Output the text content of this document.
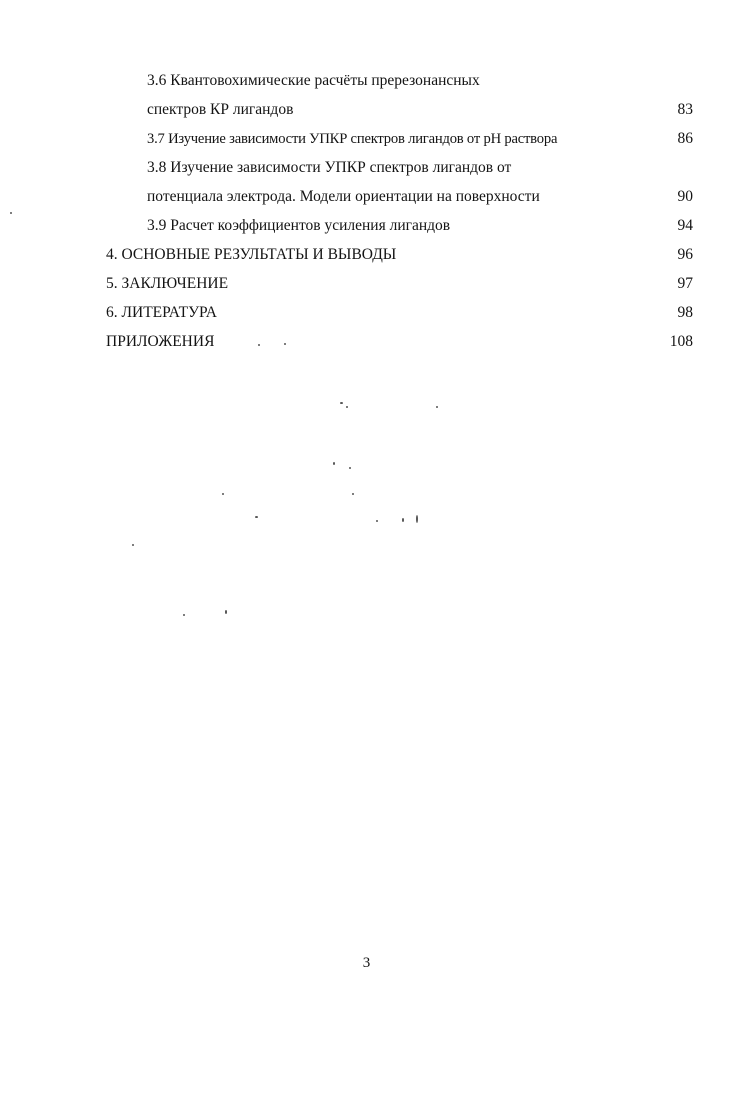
3.6 Квантовохимические расчёты пререзонансных
спектров КР лигандов	83
3.7 Изучение зависимости УПКР спектров лигандов от pH раствора	86
3.8 Изучение зависимости УПКР спектров лигандов от
потенциала электрода. Модели ориентации на поверхности	90
3.9 Расчет коэффициентов усиления лигандов	94
4. ОСНОВНЫЕ РЕЗУЛЬТАТЫ И ВЫВОДЫ	96
5. ЗАКЛЮЧЕНИЕ	97
6. ЛИТЕРАТУРА	98
ПРИЛОЖЕНИЯ	108
3
